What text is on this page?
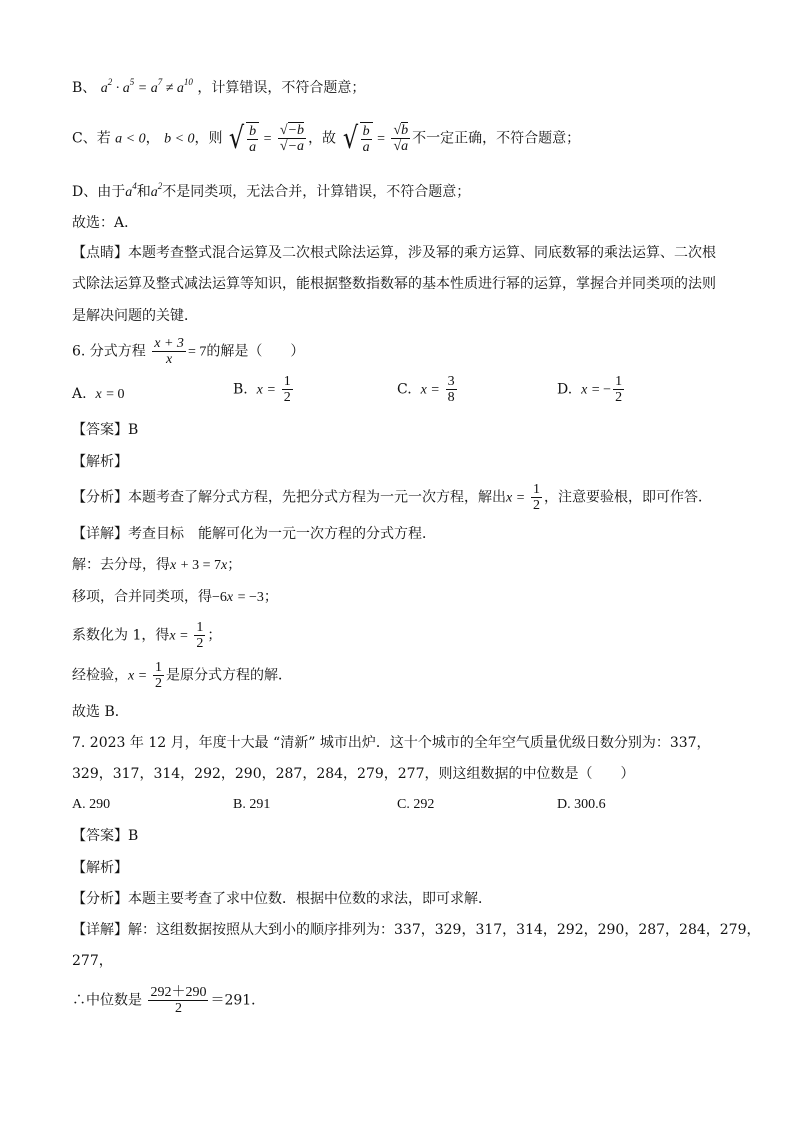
B、 $a^2 \cdot a^5 = a^7 \ne a^{10}$ ，计算错误，不符合题意；
C、若 a < 0， b < 0，则 √ $\frac{b}{a} = \frac{√-b}{√-a}$ ，故 √ $\frac{b}{a} = \frac{√b}{√a}$ 不一定正确，不符合题意；
D、由于$a^4$和$a^2$不是同类项，无法合并，计算错误，不符合题意；
故选：A．
【点睛】本题考查整式混合运算及二次根式除法运算，涉及幂的乘方运算、同底数幂的乘法运算、二次根
式除法运算及整式减法运算等知识，能根据整数指数幂的基本性质进行幂的运算，掌握合并同类项的法则
是解决问题的关键．
6. 分式方程 $\frac{x + 3}{x} = 7$的解是（　　）
A. x = 0	B. $x = \frac{1}{2}$	C. $x = \frac{3}{8}$	D. x = − $\frac{1}{2}$
【答案】B
【解析】
【分析】本题考查了解分式方程，先把分式方程为一元一次方程，解出$x = \frac{1}{2}$ ，注意要验根，即可作答．
【详解】考查目标　能解可化为一元一次方程的分式方程．
解：去分母，得x + 3 = 7x；
移项，合并同类项，得−6x = −3；
系数化为 1，得$x = \frac{1}{2}$ ；
经检验，$x = \frac{1}{2}$ 是原分式方程的解．
故选 B．
7. 2023 年 12 月，年度十大最 “清新” 城市出炉．这十个城市的全年空气质量优级日数分别为：337，
329，317，314，292，290，287，284，279，277，则这组数据的中位数是（　　）
A. 290	B. 291	C. 292	D. 300.6
【答案】B
【解析】
【分析】本题主要考查了求中位数．根据中位数的求法，即可求解．
【详解】解：这组数据按照从大到小的顺序排列为：337，329，317，314，292，290，287，284，279，
277，
∴中位数是 $\frac{292+290}{2} =291$．
